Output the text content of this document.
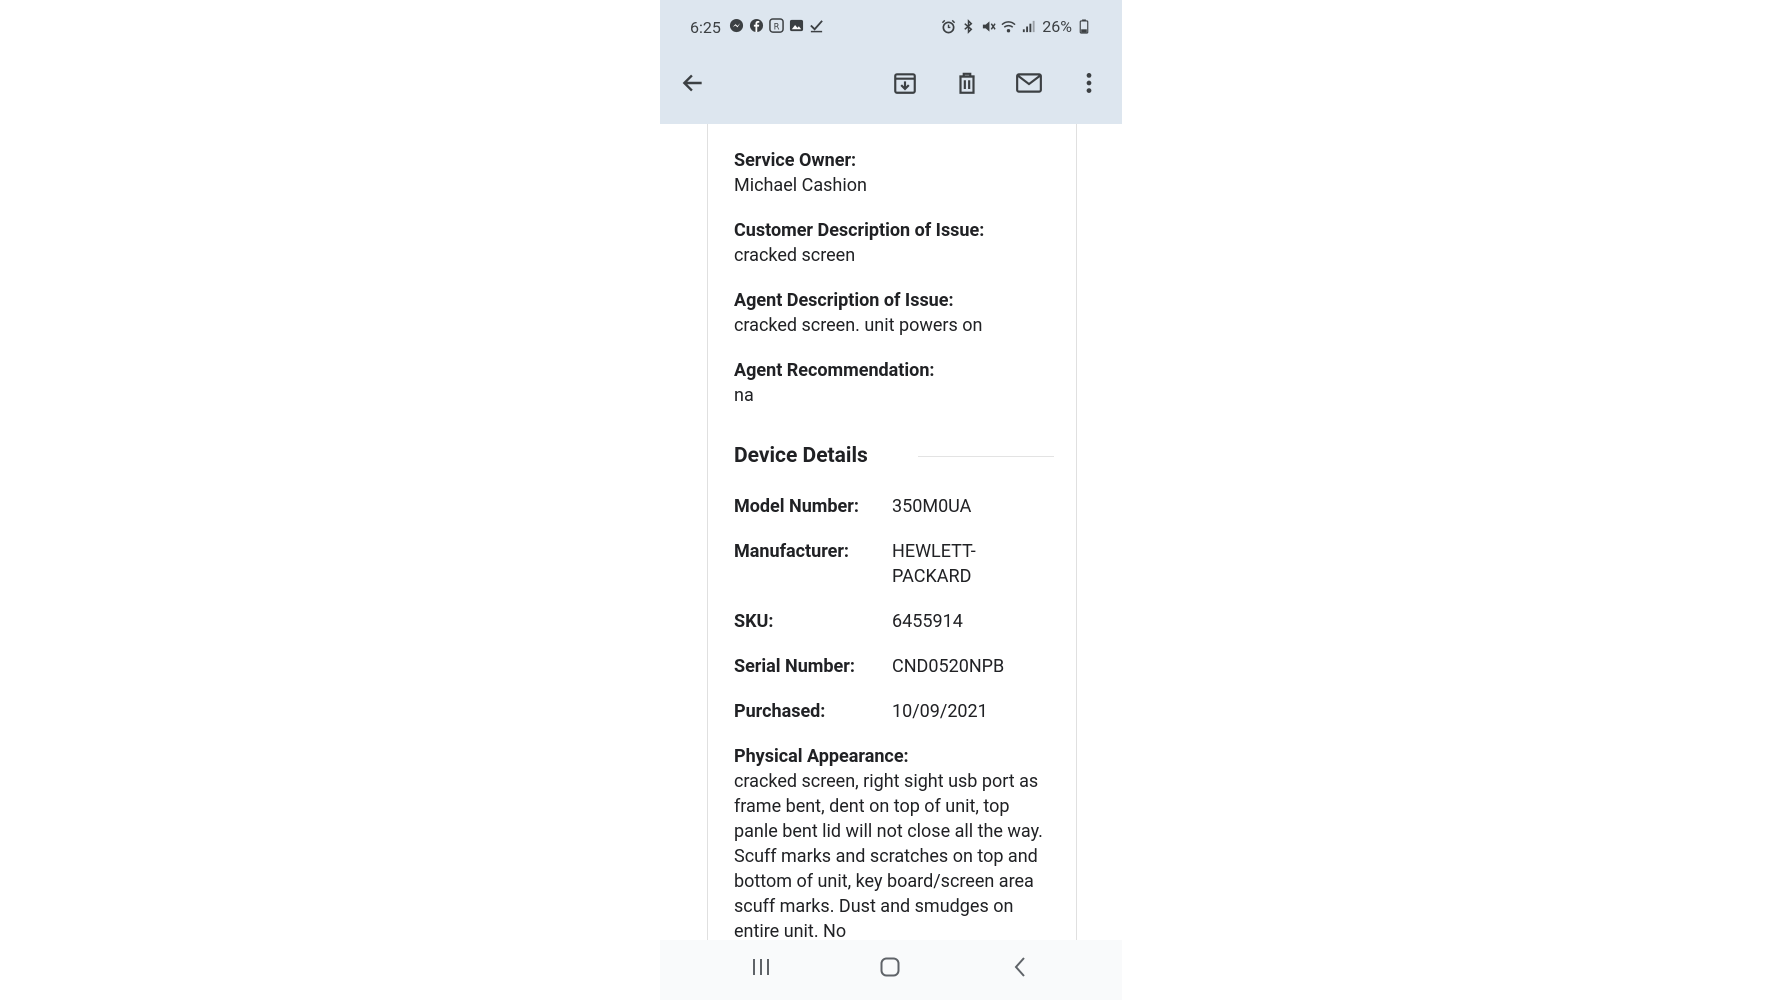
6:25	R	26%
Service Owner:
Michael Cashion
Customer Description of Issue:
cracked screen
Agent Description of Issue:
cracked screen. unit powers on
Agent Recommendation:
na
Device Details
Model Number:	350M0UA
Manufacturer:	HEWLETT-PACKARD
SKU:	6455914
Serial Number:	CND0520NPB
Purchased:	10/09/2021
Physical Appearance:
cracked screen, right sight usb port as frame bent, dent on top of unit, top panle bent lid will not close all the way. Scuff marks and scratches on top and bottom of unit, key board/screen area scuff marks. Dust and smudges on entire unit. No
